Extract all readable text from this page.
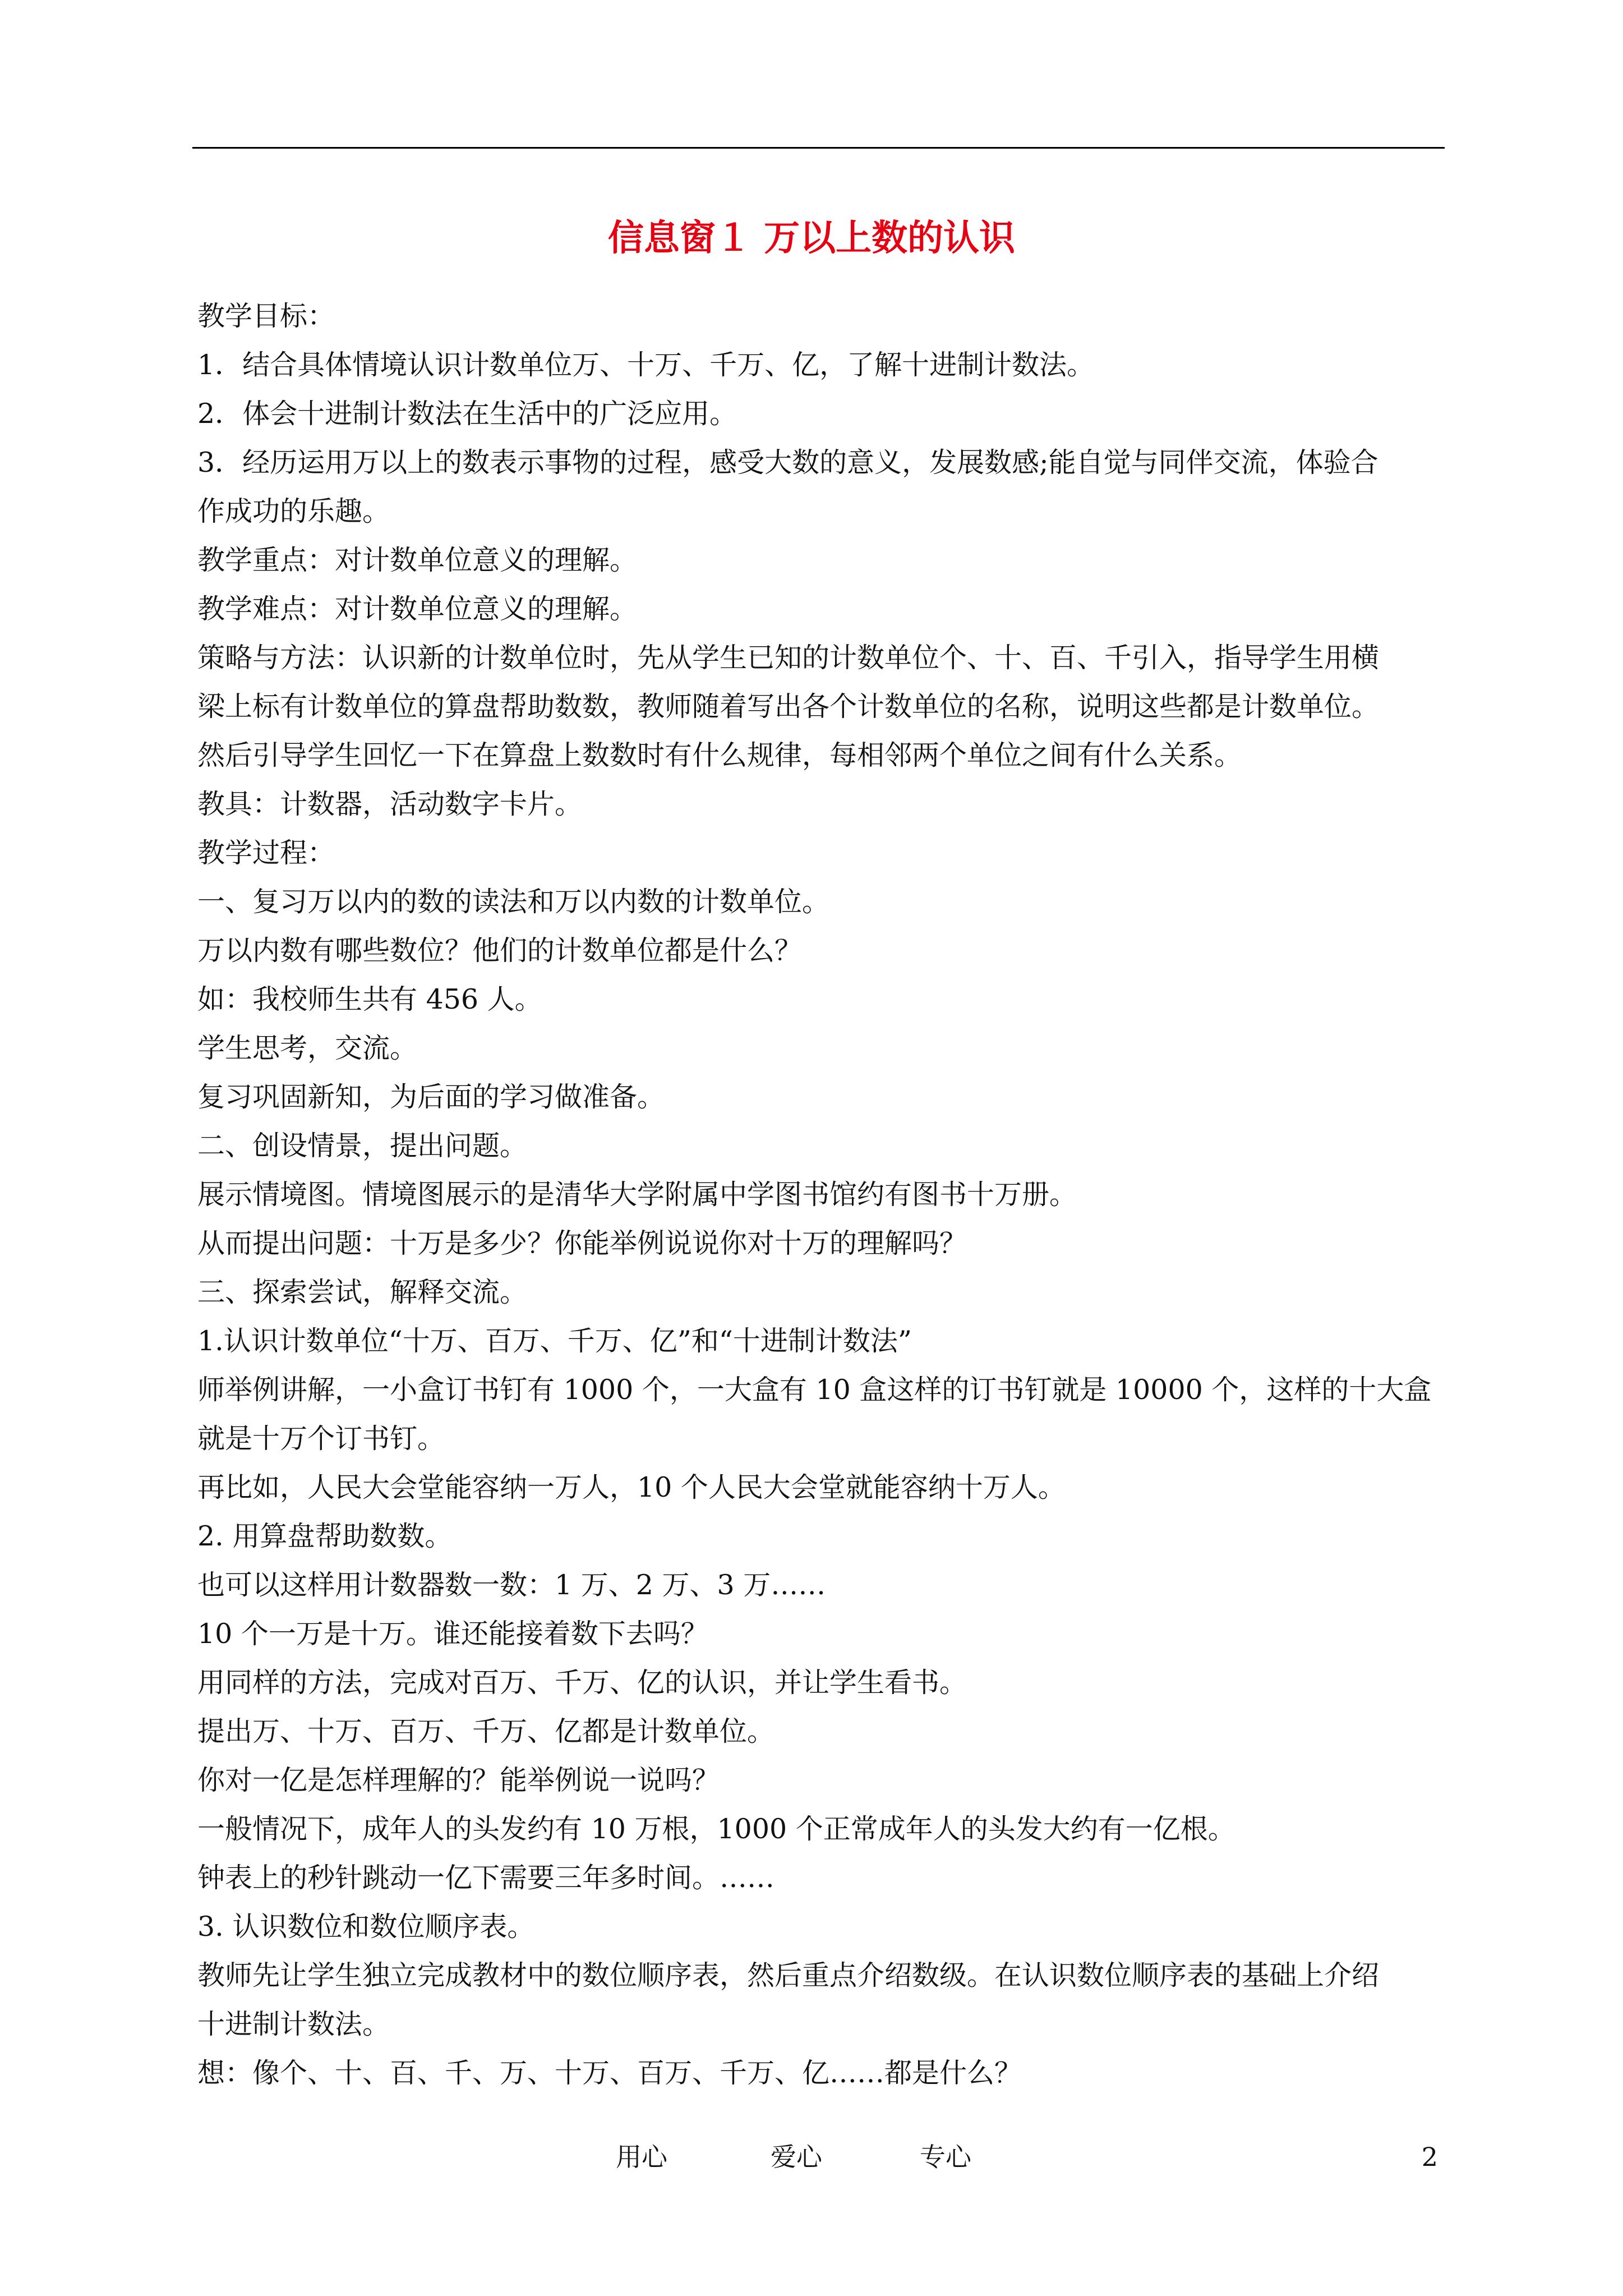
信息窗１ 万以上数的认识
教学目标：
1．结合具体情境认识计数单位万、十万、千万、亿，了解十进制计数法。
2．体会十进制计数法在生活中的广泛应用。
3．经历运用万以上的数表示事物的过程，感受大数的意义，发展数感;能自觉与同伴交流，体验合
作成功的乐趣。
教学重点：对计数单位意义的理解。
教学难点：对计数单位意义的理解。
策略与方法：认识新的计数单位时，先从学生已知的计数单位个、十、百、千引入，指导学生用横
梁上标有计数单位的算盘帮助数数，教师随着写出各个计数单位的名称，说明这些都是计数单位。
然后引导学生回忆一下在算盘上数数时有什么规律，每相邻两个单位之间有什么关系。
教具：计数器，活动数字卡片。
教学过程：
一、复习万以内的数的读法和万以内数的计数单位。
万以内数有哪些数位？他们的计数单位都是什么？
如：我校师生共有 456 人。
学生思考，交流。
复习巩固新知，为后面的学习做准备。
二、创设情景，提出问题。
展示情境图。情境图展示的是清华大学附属中学图书馆约有图书十万册。
从而提出问题：十万是多少？你能举例说说你对十万的理解吗？
三、探索尝试，解释交流。
1.认识计数单位“十万、百万、千万、亿”和“十进制计数法”
师举例讲解，一小盒订书钉有 1000 个，一大盒有 10 盒这样的订书钉就是 10000 个，这样的十大盒
就是十万个订书钉。
再比如，人民大会堂能容纳一万人，10 个人民大会堂就能容纳十万人。
2. 用算盘帮助数数。
也可以这样用计数器数一数：1 万、2 万、3 万……
10 个一万是十万。谁还能接着数下去吗？
用同样的方法，完成对百万、千万、亿的认识，并让学生看书。
提出万、十万、百万、千万、亿都是计数单位。
你对一亿是怎样理解的？能举例说一说吗？
一般情况下，成年人的头发约有 10 万根，1000 个正常成年人的头发大约有一亿根。
钟表上的秒针跳动一亿下需要三年多时间。……
3. 认识数位和数位顺序表。
教师先让学生独立完成教材中的数位顺序表，然后重点介绍数级。在认识数位顺序表的基础上介绍
十进制计数法。
想：像个、十、百、千、万、十万、百万、千万、亿……都是什么？
用心	爱心	专心	2
